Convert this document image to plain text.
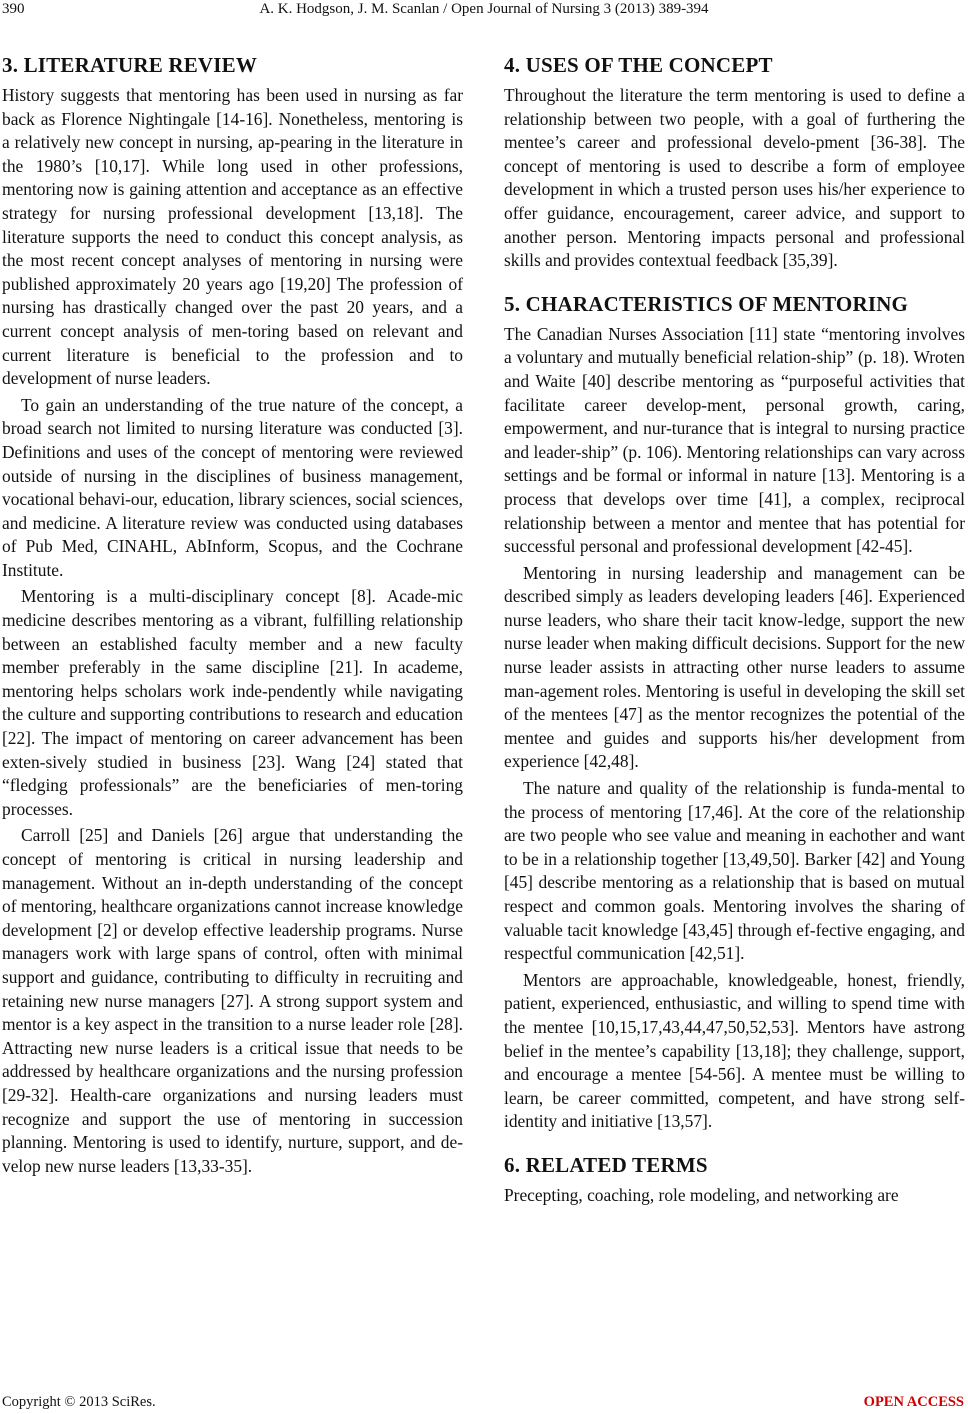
390	A. K. Hodgson, J. M. Scanlan / Open Journal of Nursing 3 (2013) 389-394
3. LITERATURE REVIEW

History suggests that mentoring has been used in nursing as far back as Florence Nightingale [14-16]. Nonetheless, mentoring is a relatively new concept in nursing, ap-pearing in the literature in the 1980’s [10,17]. While long used in other professions, mentoring now is gaining attention and acceptance as an effective strategy for nursing professional development [13,18]. The literature supports the need to conduct this concept analysis, as the most recent concept analyses of mentoring in nursing were published approximately 20 years ago [19,20] The profession of nursing has drastically changed over the past 20 years, and a current concept analysis of men-toring based on relevant and current literature is beneficial to the profession and to development of nurse leaders.

To gain an understanding of the true nature of the concept, a broad search not limited to nursing literature was conducted [3]. Definitions and uses of the concept of mentoring were reviewed outside of nursing in the disciplines of business management, vocational behavi-our, education, library sciences, social sciences, and medicine. A literature review was conducted using databases of Pub Med, CINAHL, AbInform, Scopus, and the Cochrane Institute.

Mentoring is a multi-disciplinary concept [8]. Acade-mic medicine describes mentoring as a vibrant, fulfilling relationship between an established faculty member and a new faculty member preferably in the same discipline [21]. In academe, mentoring helps scholars work inde-pendently while navigating the culture and supporting contributions to research and education [22]. The impact of mentoring on career advancement has been exten-sively studied in business [23]. Wang [24] stated that “fledging professionals” are the beneficiaries of men-toring processes.

Carroll [25] and Daniels [26] argue that understanding the concept of mentoring is critical in nursing leadership and management. Without an in-depth understanding of the concept of mentoring, healthcare organizations cannot increase knowledge development [2] or develop effective leadership programs. Nurse managers work with large spans of control, often with minimal support and guidance, contributing to difficulty in recruiting and retaining new nurse managers [27]. A strong support system and mentor is a key aspect in the transition to a nurse leader role [28]. Attracting new nurse leaders is a critical issue that needs to be addressed by healthcare organizations and the nursing profession [29-32]. Health-care organizations and nursing leaders must recognize and support the use of mentoring in succession planning. Mentoring is used to identify, nurture, support, and de-velop new nurse leaders [13,33-35].

4. USES OF THE CONCEPT

Throughout the literature the term mentoring is used to define a relationship between two people, with a goal of furthering the mentee’s career and professional develo-pment [36-38]. The concept of mentoring is used to describe a form of employee development in which a trusted person uses his/her experience to offer guidance, encouragement, career advice, and support to another person. Mentoring impacts personal and professional skills and provides contextual feedback [35,39].

5. CHARACTERISTICS OF MENTORING

The Canadian Nurses Association [11] state “mentoring involves a voluntary and mutually beneficial relation-ship” (p. 18). Wroten and Waite [40] describe mentoring as “purposeful activities that facilitate career develop-ment, personal growth, caring, empowerment, and nur-turance that is integral to nursing practice and leader-ship” (p. 106). Mentoring relationships can vary across settings and be formal or informal in nature [13]. Mentoring is a process that develops over time [41], a complex, reciprocal relationship between a mentor and mentee that has potential for successful personal and professional development [42-45].

Mentoring in nursing leadership and management can be described simply as leaders developing leaders [46]. Experienced nurse leaders, who share their tacit know-ledge, support the new nurse leader when making difficult decisions. Support for the new nurse leader assists in attracting other nurse leaders to assume man-agement roles. Mentoring is useful in developing the skill set of the mentees [47] as the mentor recognizes the potential of the mentee and guides and supports his/her development from experience [42,48].

The nature and quality of the relationship is funda-mental to the process of mentoring [17,46]. At the core of the relationship are two people who see value and meaning in eachother and want to be in a relationship together [13,49,50]. Barker [42] and Young [45] describe mentoring as a relationship that is based on mutual respect and common goals. Mentoring involves the sharing of valuable tacit knowledge [43,45] through ef-fective engaging, and respectful communication [42,51].

Mentors are approachable, knowledgeable, honest, friendly, patient, experienced, enthusiastic, and willing to spend time with the mentee [10,15,17,43,44,47,50,52,53]. Mentors have astrong belief in the mentee’s capability [13,18]; they challenge, support, and encourage a mentee [54-56]. A mentee must be willing to learn, be career committed, competent, and have strong self- identity and initiative [13,57].

6. RELATED TERMS

Precepting, coaching, role modeling, and networking are

Copyright © 2013 SciRes.	OPEN ACCESS
